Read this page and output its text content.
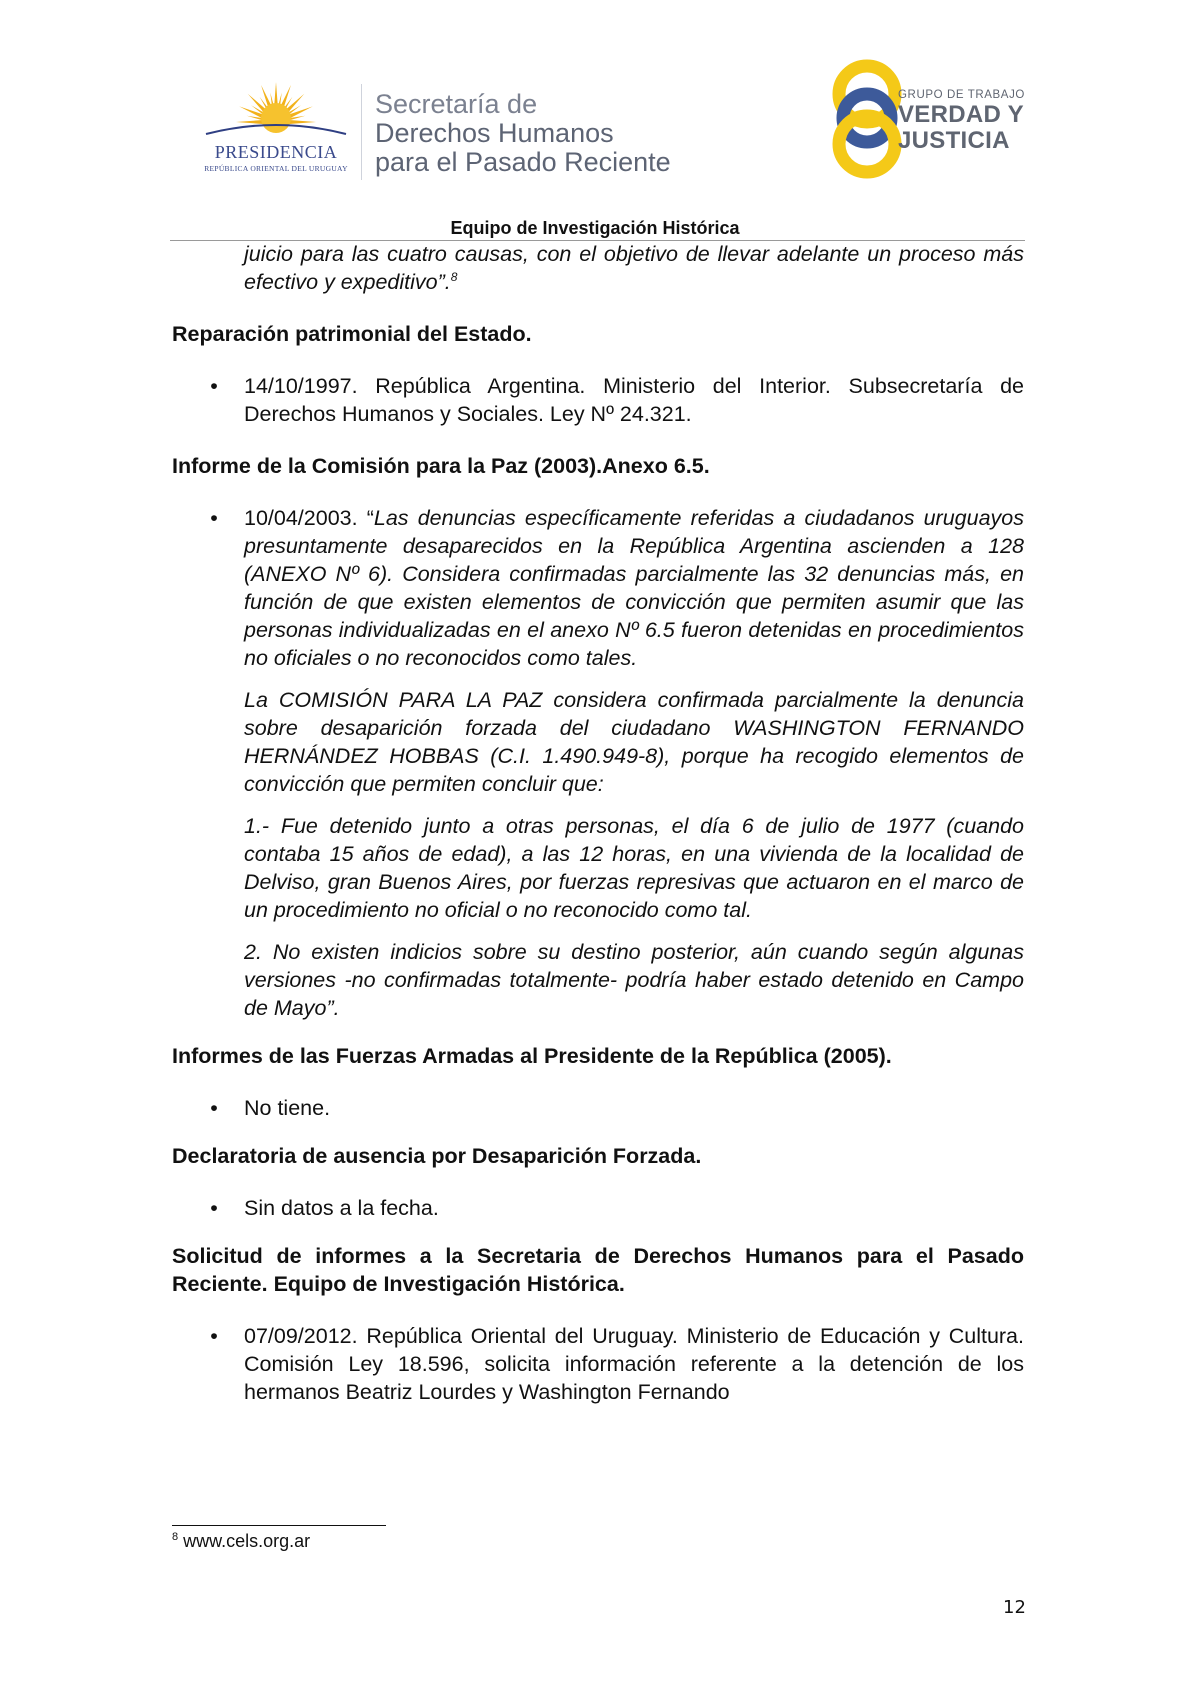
PRESIDENCIA
REPÚBLICA ORIENTAL DEL URUGUAY
Secretaría de
Derechos Humanos
para el Pasado Reciente
GRUPO DE TRABAJO
VERDAD Y
JUSTICIA
Equipo de Investigación Histórica

juicio para las cuatro causas, con el objetivo de llevar adelante un proceso más efectivo y expeditivo”.$^8$

Reparación patrimonial del Estado.

• 14/10/1997. República Argentina. Ministerio del Interior. Subsecretaría de Derechos Humanos y Sociales. Ley Nº 24.321.

Informe de la Comisión para la Paz (2003).Anexo 6.5.

• 10/04/2003. “Las denuncias específicamente referidas a ciudadanos uruguayos presuntamente desaparecidos en la República Argentina ascienden a 128 (ANEXO Nº 6). Considera confirmadas parcialmente las 32 denuncias más, en función de que existen elementos de convicción que permiten asumir que las personas individualizadas en el anexo Nº 6.5 fueron detenidas en procedimientos no oficiales o no reconocidos como tales.

La COMISIÓN PARA LA PAZ considera confirmada parcialmente la denuncia sobre desaparición forzada del ciudadano WASHINGTON FERNANDO HERNÁNDEZ HOBBAS (C.I. 1.490.949-8), porque ha recogido elementos de convicción que permiten concluir que:

1.- Fue detenido junto a otras personas, el día 6 de julio de 1977 (cuando contaba 15 años de edad), a las 12 horas, en una vivienda de la localidad de Delviso, gran Buenos Aires, por fuerzas represivas que actuaron en el marco de un procedimiento no oficial o no reconocido como tal.

2. No existen indicios sobre su destino posterior, aún cuando según algunas versiones -no confirmadas totalmente- podría haber estado detenido en Campo de Mayo”.

Informes de las Fuerzas Armadas al Presidente de la República (2005).

• No tiene.

Declaratoria de ausencia por Desaparición Forzada.

• Sin datos a la fecha.

Solicitud de informes a la Secretaria de Derechos Humanos para el Pasado Reciente. Equipo de Investigación Histórica.

• 07/09/2012. República Oriental del Uruguay. Ministerio de Educación y Cultura. Comisión Ley 18.596, solicita información referente a la detención de los hermanos Beatriz Lourdes y Washington Fernando

$^8$ www.cels.org.ar
12
